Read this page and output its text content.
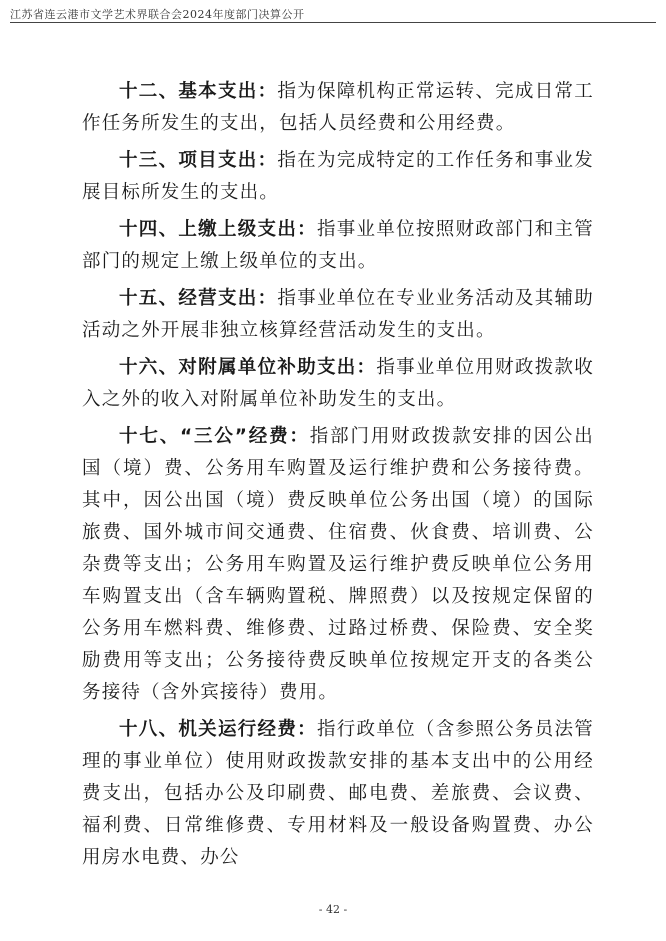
江苏省连云港市文学艺术界联合会2024年度部门决算公开

十二、基本支出：指为保障机构正常运转、完成日常工作任务所发生的支出，包括人员经费和公用经费。

十三、项目支出：指在为完成特定的工作任务和事业发展目标所发生的支出。

十四、上缴上级支出：指事业单位按照财政部门和主管部门的规定上缴上级单位的支出。

十五、经营支出：指事业单位在专业业务活动及其辅助活动之外开展非独立核算经营活动发生的支出。

十六、对附属单位补助支出：指事业单位用财政拨款收入之外的收入对附属单位补助发生的支出。

十七、“三公”经费：指部门用财政拨款安排的因公出国（境）费、公务用车购置及运行维护费和公务接待费。其中，因公出国（境）费反映单位公务出国（境）的国际旅费、国外城市间交通费、住宿费、伙食费、培训费、公杂费等支出；公务用车购置及运行维护费反映单位公务用车购置支出（含车辆购置税、牌照费）以及按规定保留的公务用车燃料费、维修费、过路过桥费、保险费、安全奖励费用等支出；公务接待费反映单位按规定开支的各类公务接待（含外宾接待）费用。

十八、机关运行经费：指行政单位（含参照公务员法管理的事业单位）使用财政拨款安排的基本支出中的公用经费支出，包括办公及印刷费、邮电费、差旅费、会议费、福利费、日常维修费、专用材料及一般设备购置费、办公用房水电费、办公

- 42 -
